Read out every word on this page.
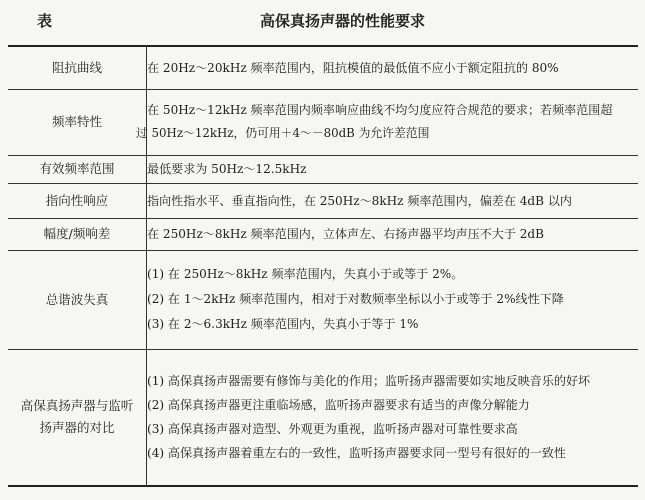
表	高保真扬声器的性能要求
阻抗曲线	在 20Hz～20kHz 频率范围内，阻抗模值的最低值不应小于额定阻抗的 80%

频率特性	在 50Hz～12kHz 频率范围内频率响应曲线不均匀度应符合规范的要求；若频率范围超
过 50Hz～12kHz，仍可用＋4～－80dB 为允许差范围

有效频率范围	最低要求为 50Hz～12.5kHz

指向性响应	指向性指水平、垂直指向性，在 250Hz～8kHz 频率范围内，偏差在 4dB 以内

幅度/频响差	在 250Hz～8kHz 频率范围内，立体声左、右扬声器平均声压不大于 2dB

总谐波失真	(1) 在 250Hz～8kHz 频率范围内，失真小于或等于 2%。
(2) 在 1～2kHz 频率范围内，相对于对数频率坐标以小于或等于 2%线性下降
(3) 在 2～6.3kHz 频率范围内，失真小于等于 1%

高保真扬声器与监听
扬声器的对比	(1) 高保真扬声器需要有修饰与美化的作用；监听扬声器需要如实地反映音乐的好坏
(2) 高保真扬声器更注重临场感，监听扬声器要求有适当的声像分解能力
(3) 高保真扬声器对造型、外观更为重视，监听扬声器对可靠性要求高
(4) 高保真扬声器着重左右的一致性，监听扬声器要求同一型号有很好的一致性
